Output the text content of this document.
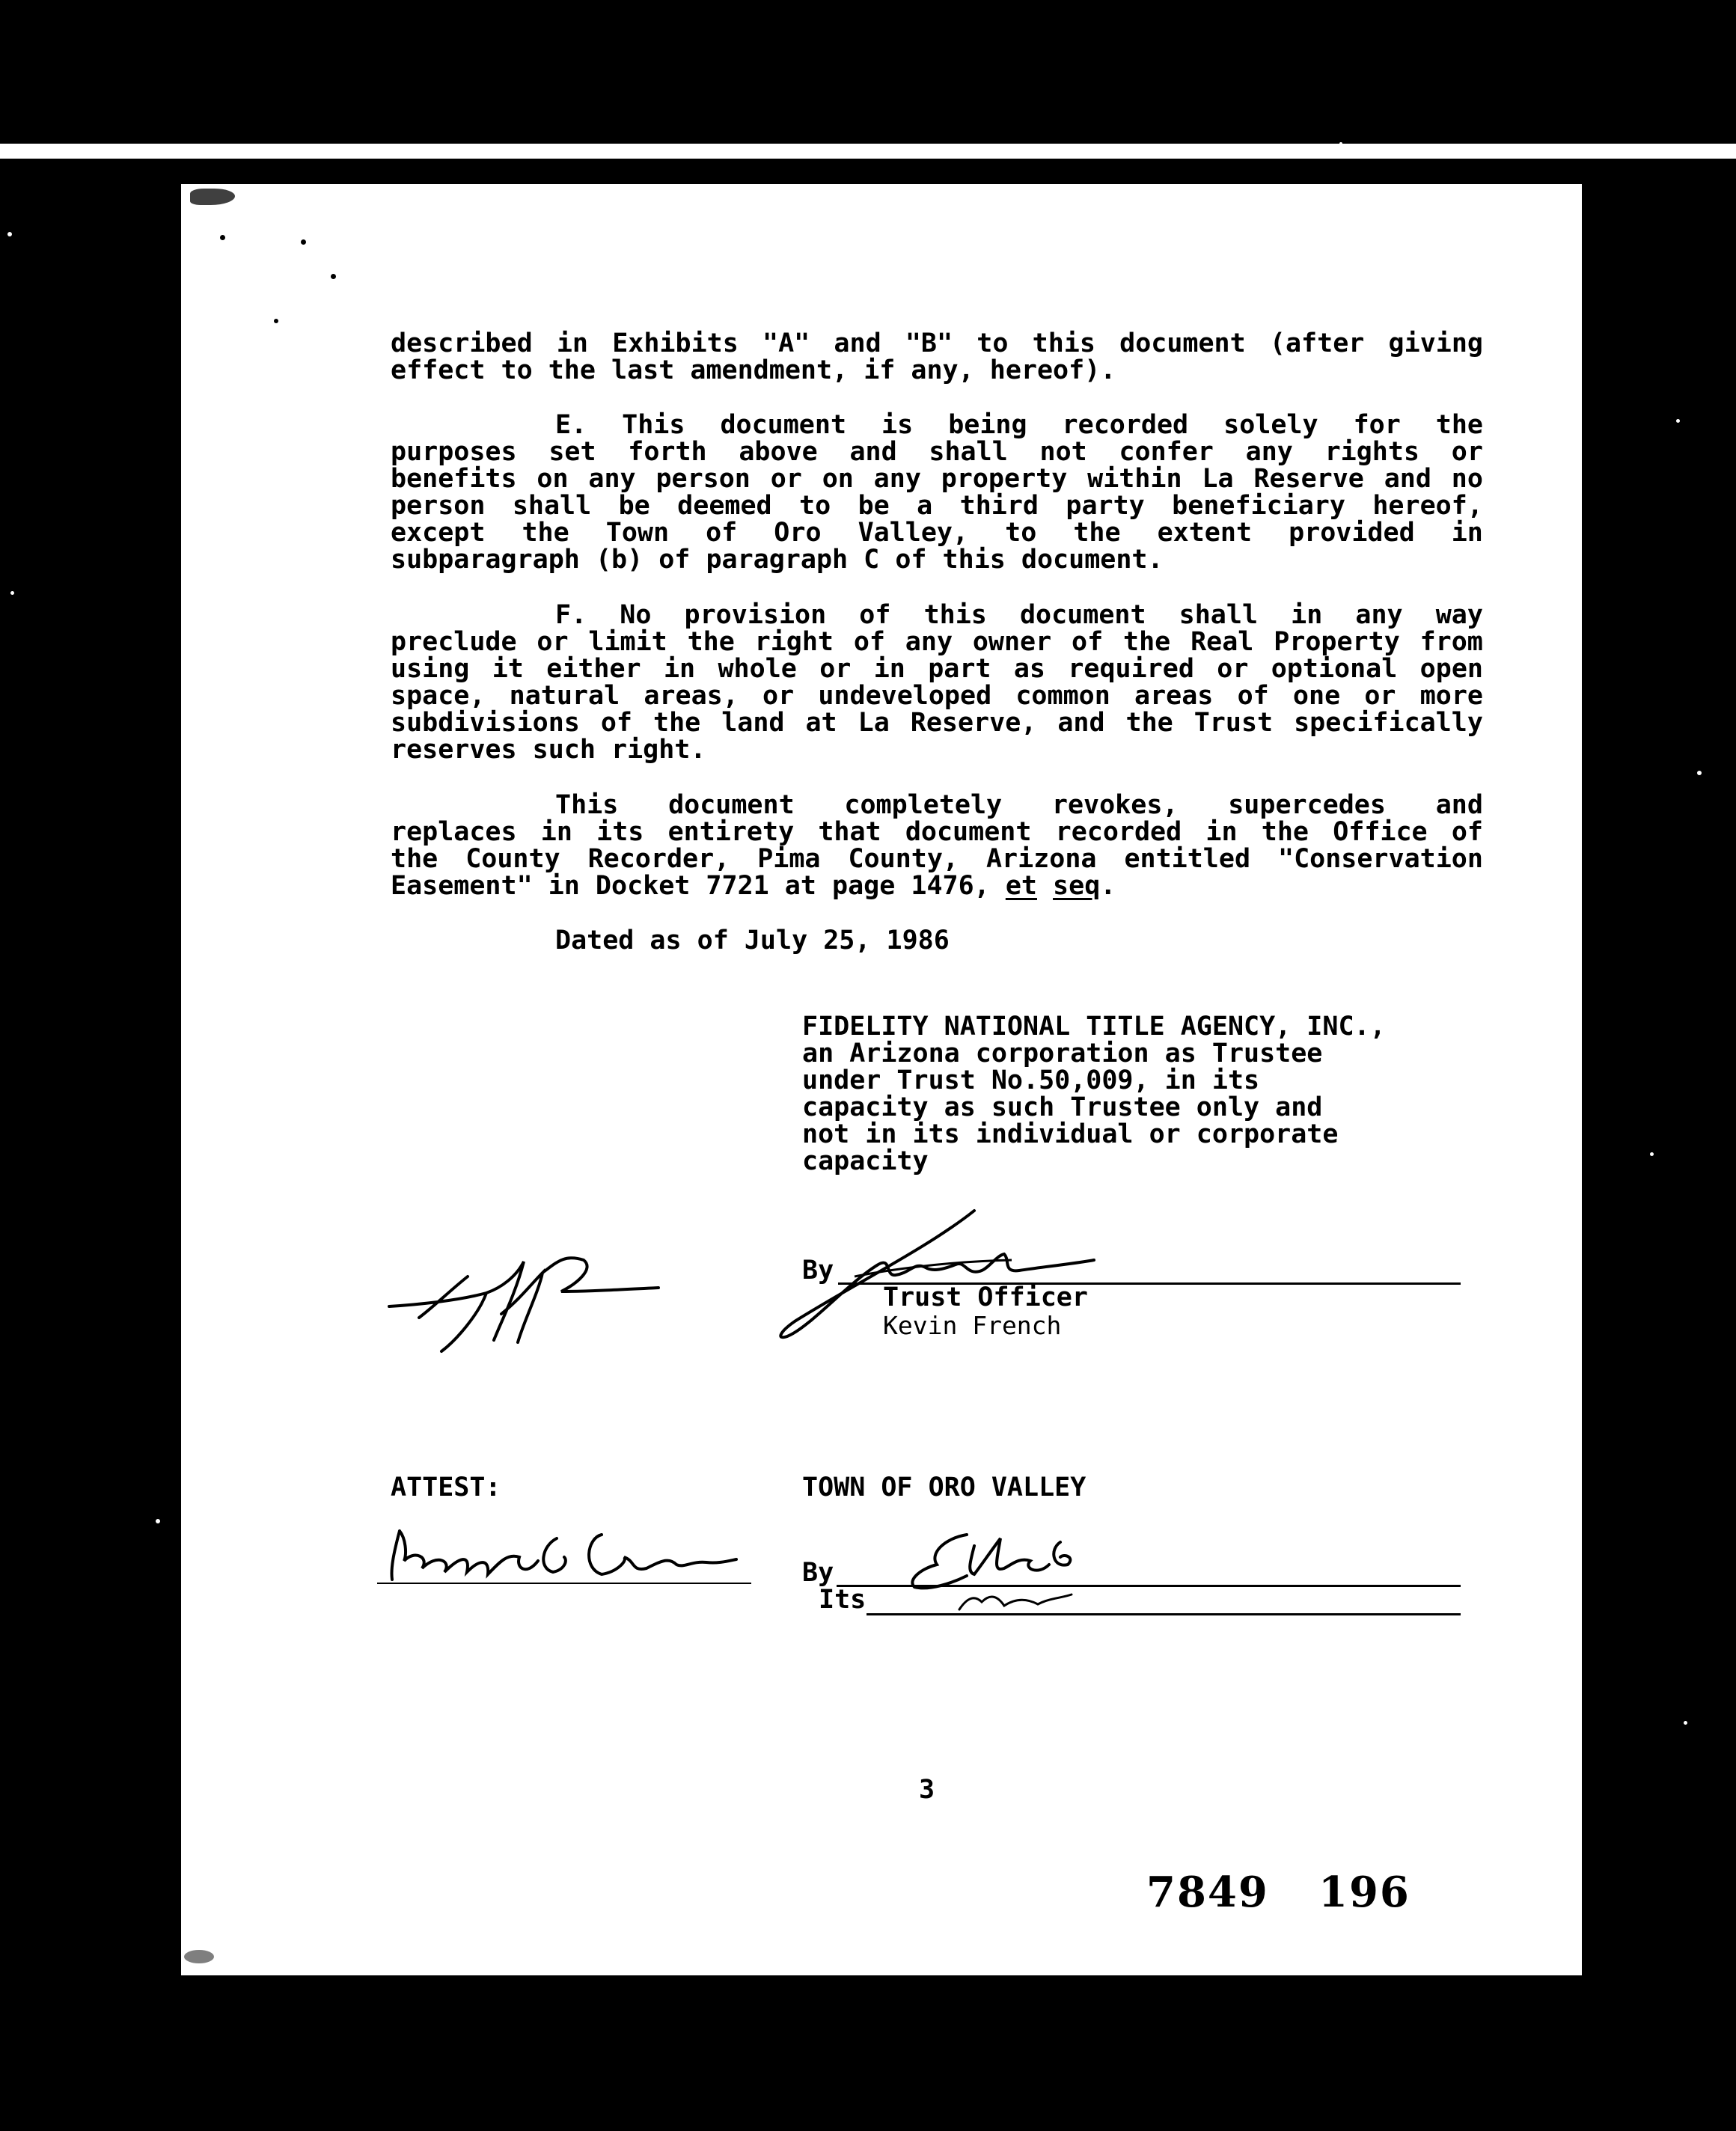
described in Exhibits "A" and "B" to this document (after giving
effect to the last amendment, if any, hereof).
E. This document is being recorded solely for the
purposes set forth above and shall not confer any rights or
benefits on any person or on any property within La Reserve and no
person shall be deemed to be a third party beneficiary hereof,
except the Town of Oro Valley, to the extent provided in
subparagraph (b) of paragraph C of this document.
F. No provision of this document shall in any way
preclude or limit the right of any owner of the Real Property from
using it either in whole or in part as required or optional open
space, natural areas, or undeveloped common areas of one or more
subdivisions of the land at La Reserve, and the Trust specifically
reserves such right.
This document completely revokes, supercedes and
replaces in its entirety that document recorded in the Office of
the County Recorder, Pima County, Arizona entitled "Conservation
Easement" in Docket 7721 at page 1476, et
seq .
Dated as of July 25, 1986
FIDELITY NATIONAL TITLE AGENCY, INC.,
an Arizona corporation as Trustee
under Trust No.50,009, in its
capacity as such Trustee only and
not in its individual or corporate
capacity
By
Trust Officer
Kevin French
ATTEST:	TOWN OF ORO VALLEY
By
Its
3
7849 196
